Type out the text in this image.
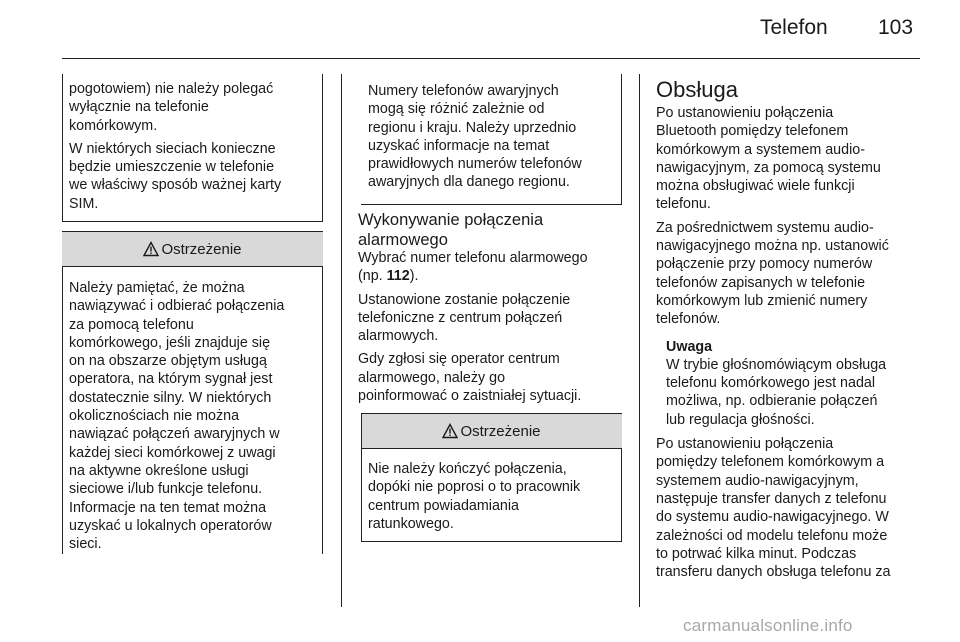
Telefon 103

pogotowiem) nie należy polegać
wyłącznie na telefonie
komórkowym.

W niektórych sieciach konieczne
będzie umieszczenie w telefonie
we właściwy sposób ważnej karty
SIM.

Ostrzeżenie
Należy pamiętać, że można
nawiązywać i odbierać połączenia
za pomocą telefonu
komórkowego, jeśli znajduje się
on na obszarze objętym usługą
operatora, na którym sygnał jest
dostatecznie silny. W niektórych
okolicznościach nie można
nawiązać połączeń awaryjnych w
każdej sieci komórkowej z uwagi
na aktywne określone usługi
sieciowe i/lub funkcje telefonu.
Informacje na ten temat można
uzyskać u lokalnych operatorów
sieci.
Numery telefonów awaryjnych
mogą się różnić zależnie od
regionu i kraju. Należy uprzednio
uzyskać informacje na temat
prawidłowych numerów telefonów
awaryjnych dla danego regionu.
Wykonywanie połączenia
alarmowego

Wybrać numer telefonu alarmowego
(np. 112).

Ustanowione zostanie połączenie
telefoniczne z centrum połączeń
alarmowych.

Gdy zgłosi się operator centrum
alarmowego, należy go
poinformować o zaistniałej sytuacji.

Ostrzeżenie
Nie należy kończyć połączenia,
dopóki nie poprosi o to pracownik
centrum powiadamiania
ratunkowego.
Obsługa

Po ustanowieniu połączenia
Bluetooth pomiędzy telefonem
komórkowym a systemem audio-
nawigacyjnym, za pomocą systemu
można obsługiwać wiele funkcji
telefonu.

Za pośrednictwem systemu audio-
nawigacyjnego można np. ustanowić
połączenie przy pomocy numerów
telefonów zapisanych w telefonie
komórkowym lub zmienić numery
telefonów.

Uwaga
W trybie głośnomówiącym obsługa
telefonu komórkowego jest nadal
możliwa, np. odbieranie połączeń
lub regulacja głośności.

Po ustanowieniu połączenia
pomiędzy telefonem komórkowym a
systemem audio-nawigacyjnym,
następuje transfer danych z telefonu
do systemu audio-nawigacyjnego. W
zależności od modelu telefonu może
to potrwać kilka minut. Podczas
transferu danych obsługa telefonu za

carmanualsonline.info
